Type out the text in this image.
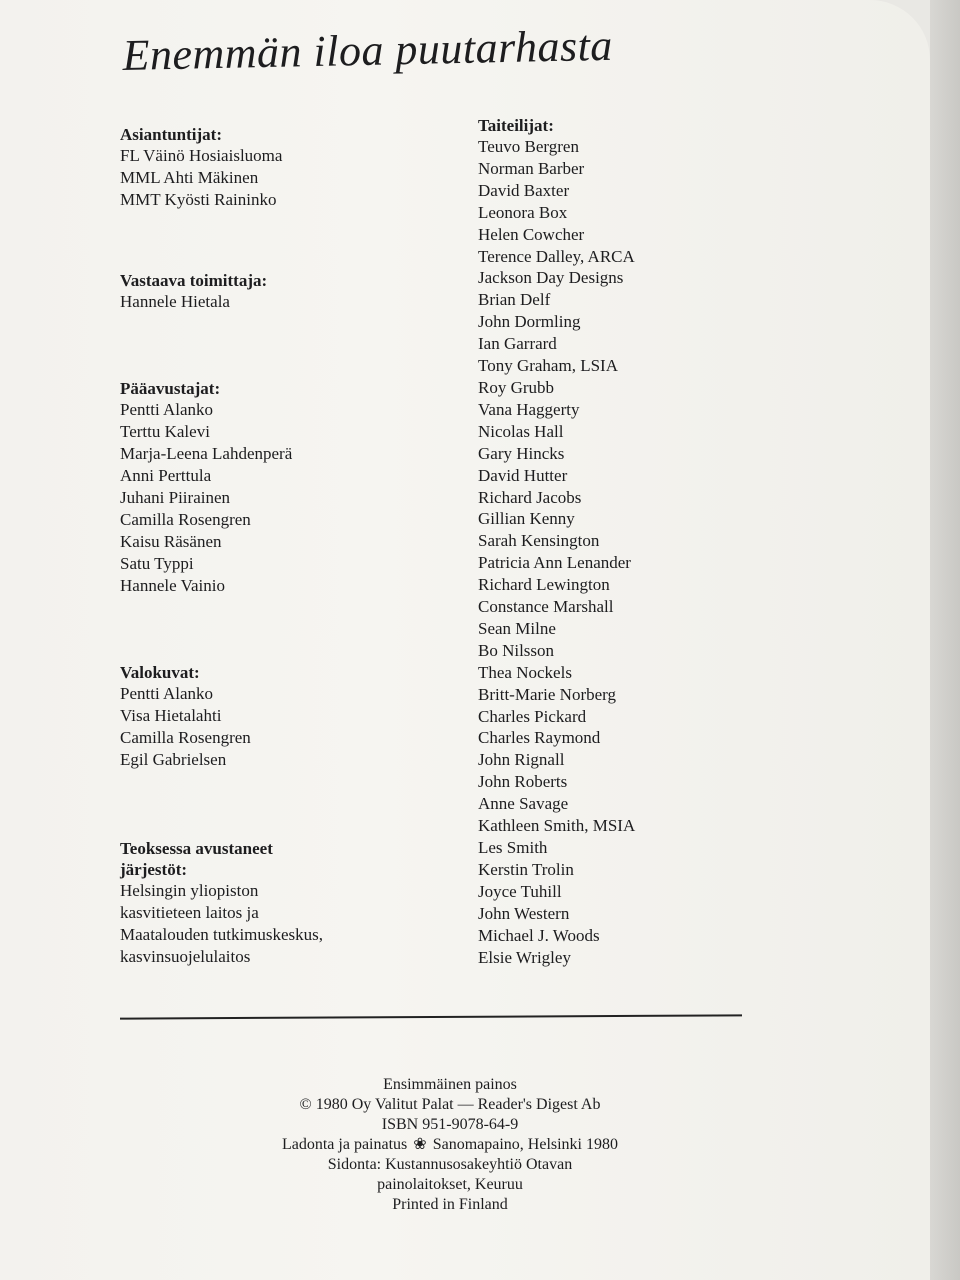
Enemmän iloa puutarhasta
Asiantuntijat:
FL Väinö Hosiaisluoma
MML Ahti Mäkinen
MMT Kyösti Raininko
Vastaava toimittaja:
Hannele Hietala
Pääavustajat:
Pentti Alanko
Terttu Kalevi
Marja-Leena Lahdenperä
Anni Perttula
Juhani Piirainen
Camilla Rosengren
Kaisu Räsänen
Satu Typpi
Hannele Vainio
Valokuvat:
Pentti Alanko
Visa Hietalahti
Camilla Rosengren
Egil Gabrielsen
Teoksessa avustaneet
järjestöt:
Helsingin yliopiston
kasvitieteen laitos ja
Maatalouden tutkimuskeskus,
kasvinsuojelulaitos
Taiteilijat:
Teuvo Bergren
Norman Barber
David Baxter
Leonora Box
Helen Cowcher
Terence Dalley, ARCA
Jackson Day Designs
Brian Delf
John Dormling
Ian Garrard
Tony Graham, LSIA
Roy Grubb
Vana Haggerty
Nicolas Hall
Gary Hincks
David Hutter
Richard Jacobs
Gillian Kenny
Sarah Kensington
Patricia Ann Lenander
Richard Lewington
Constance Marshall
Sean Milne
Bo Nilsson
Thea Nockels
Britt-Marie Norberg
Charles Pickard
Charles Raymond
John Rignall
John Roberts
Anne Savage
Kathleen Smith, MSIA
Les Smith
Kerstin Trolin
Joyce Tuhill
John Western
Michael J. Woods
Elsie Wrigley
Ensimmäinen painos
© 1980 Oy Valitut Palat — Reader's Digest Ab
ISBN 951-9078-64-9
Ladonta ja painatus ❀ Sanomapaino, Helsinki 1980
Sidonta: Kustannusosakeyhtiö Otavan
painolaitokset, Keuruu
Printed in Finland
